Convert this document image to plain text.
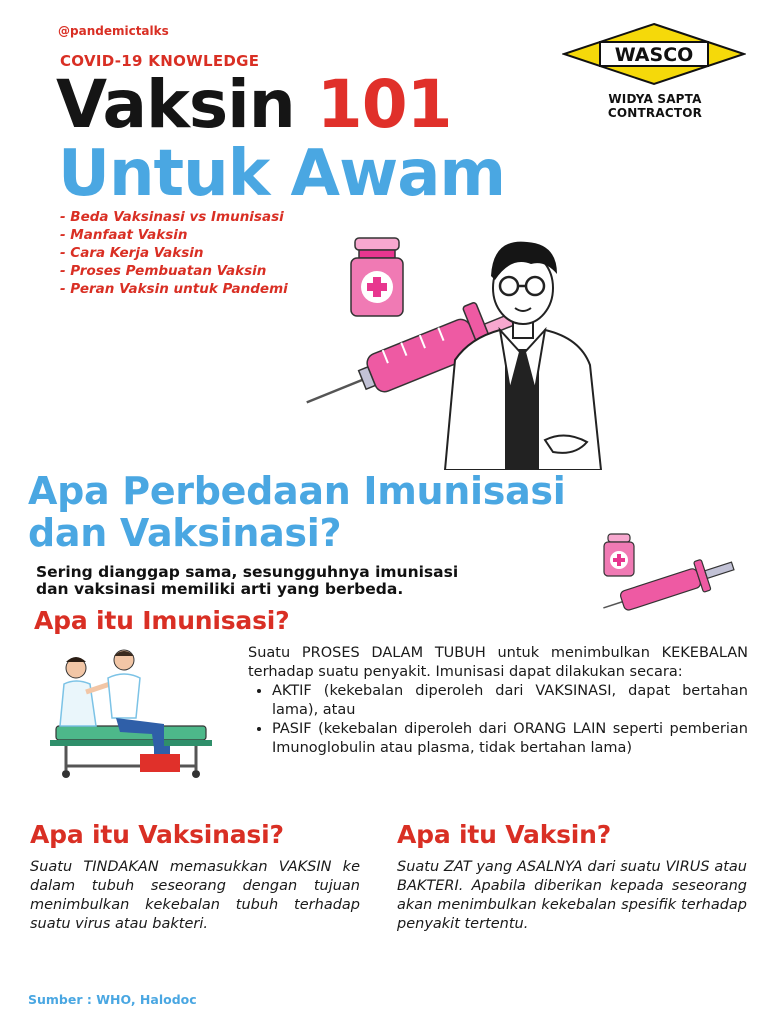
@pandemictalks
COVID-19 KNOWLEDGE
Vaksin 101
Untuk Awam
- Beda Vaksinasi vs Imunisasi
- Manfaat Vaksin
- Cara Kerja Vaksin
- Proses Pembuatan Vaksin
- Peran Vaksin untuk Pandemi
WASCO
WIDYA SAPTA CONTRACTOR
Apa Perbedaan Imunisasi
dan Vaksinasi?
Sering dianggap sama, sesungguhnya imunisasi
dan vaksinasi memiliki arti yang berbeda.
Apa itu Imunisasi?

Suatu PROSES DALAM TUBUH untuk menimbulkan KEKEBALAN terhadap suatu penyakit. Imunisasi dapat dilakukan secara:

• AKTIF (kekebalan diperoleh dari VAKSINASI, dapat bertahan lama), atau
• PASIF (kekebalan diperoleh dari ORANG LAIN seperti pemberian Imunoglobulin atau plasma, tidak bertahan lama)
Apa itu Vaksinasi?	Apa itu Vaksin?
Suatu TINDAKAN memasukkan VAKSIN ke dalam tubuh seseorang dengan tujuan menimbulkan kekebalan tubuh terhadap suatu virus atau bakteri.
Suatu ZAT yang ASALNYA dari suatu VIRUS atau BAKTERI. Apabila diberikan kepada seseorang akan menimbulkan kekebalan spesifik terhadap penyakit tertentu.
Sumber : WHO, Halodoc
